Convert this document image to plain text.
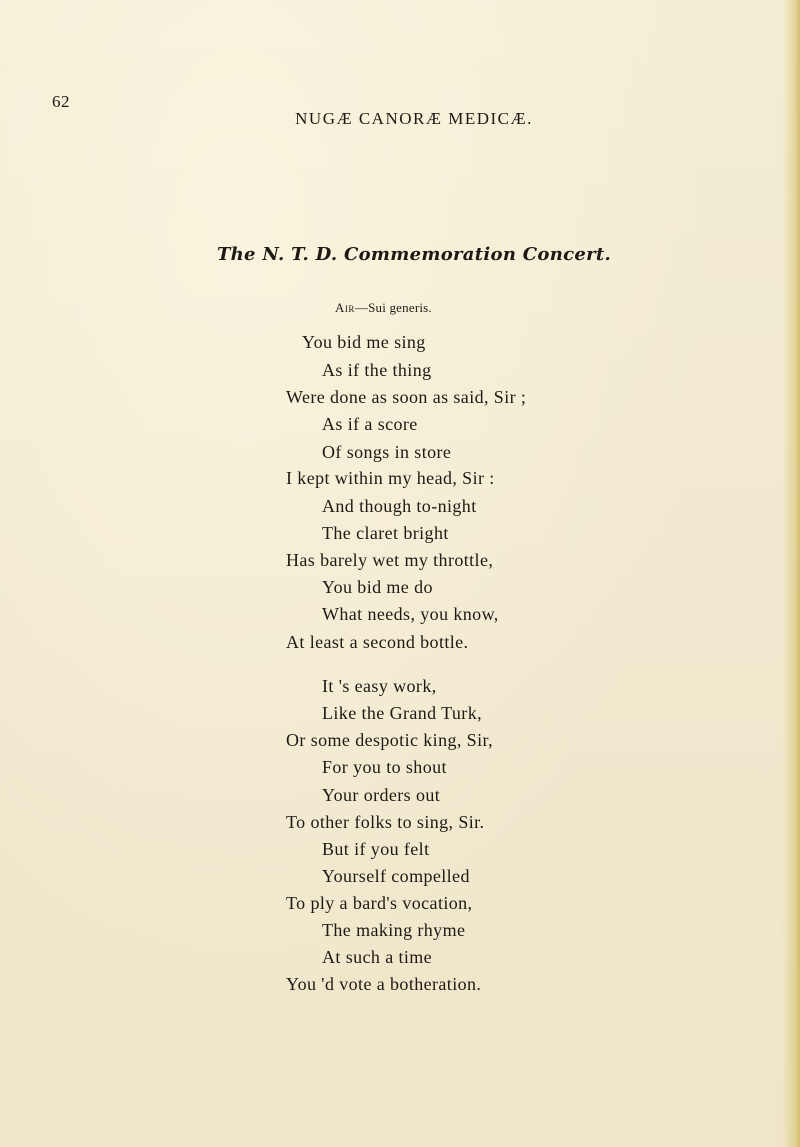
62
NUGÆ CANORÆ MEDICÆ.
The N. T. D. Commemoration Concert.
Air—Sui generis.
You bid me sing
As if the thing
Were done as soon as said, Sir ;
As if a score
Of songs in store
I kept within my head, Sir :
And though to-night
The claret bright
Has barely wet my throttle,
You bid me do
What needs, you know,
At least a second bottle.
It 's easy work,
Like the Grand Turk,
Or some despotic king, Sir,
For you to shout
Your orders out
To other folks to sing, Sir.
But if you felt
Yourself compelled
To ply a bard's vocation,
The making rhyme
At such a time
You 'd vote a botheration.
